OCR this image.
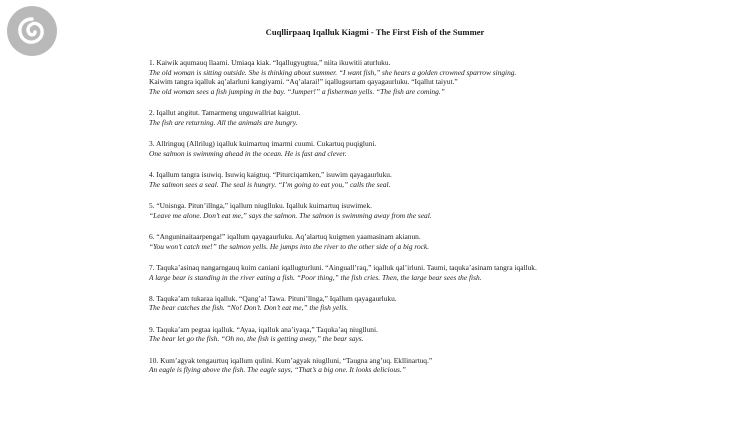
Cuqllirpaaq Iqalluk Kiagmi - The First Fish of the Summer
1. Kaiwik aqumauq llaami. Umiaqa kiak. “Iqallugyugtua,” niita ikuwitii aturluku.
The old woman is sitting outside. She is thinking about summer. “I want fish,” she hears a golden crowned sparrow singing.
Kaiwim tangra iqalluk aq’alarluni kangiyami. “Aq’alarai!” iqallugsurtam qayagaurluku. “Iqallut taiyut.”
The old woman sees a fish jumping in the bay. “Jumper!” a fisherman yells. “The fish are coming.”
2. Iqallut angitut. Tamarmeng unguwallriat kaigtut.
The fish are returning. All the animals are hungry.
3. Allringuq (Allrilug) iqalluk kuimartuq imarmi cuumi. Cukartuq puqigluni.
One salmon is swimming ahead in the ocean. He is fast and clever.
4. Iqallum tangra isuwiq. Isuwiq kaigtuq. “Piturciqamken,” isuwim qayagaurluku.
The salmon sees a seal. The seal is hungry. “I’m going to eat you,” calls the seal.
5. “Unisnga. Pitun’illnga,” iqallum niuglluku. Iqalluk kuimartuq isuwimek.
“Leave me alone. Don’t eat me,” says the salmon. The salmon is swimming away from the seal.
6. “Anguninaitaarpenga!” iqallum qayagaurluku. Aq’alartuq kuigmen yaamasinam akianun.
“You won’t catch me!” the salmon yells. He jumps into the river to the other side of a big rock.
7. Taquka’asinaq nangarngauq kuim caniani iqallugturluni. “Ainguall’raq,” iqalluk qal’irluni. Taumi, taquka’asinam tangra iqalluk.
A large bear is standing in the river eating a fish. “Poor thing,” the fish cries. Then, the large bear sees the fish.
8. Taquka’am tukaraa iqalluk. “Qang’a! Tawa. Pituni’llnga,” Iqallum qayagaurluku.
The bear catches the fish. “No! Don’t. Don’t eat me,” the fish yells.
9. Taquka’am pegtaa iqalluk. “Ayaa, iqalluk ana’iyaqa,” Taquka’aq niuglluni.
The bear let go the fish. “Oh no, the fish is getting away,” the bear says.
10. Kum’agyak tengaurtuq iqallum qulini. Kum’agyak niuglluni, “Taugna ang’uq. Ekllinartuq.”
An eagle is flying above the fish. The eagle says, “That’s a big one. It looks delicious.”
